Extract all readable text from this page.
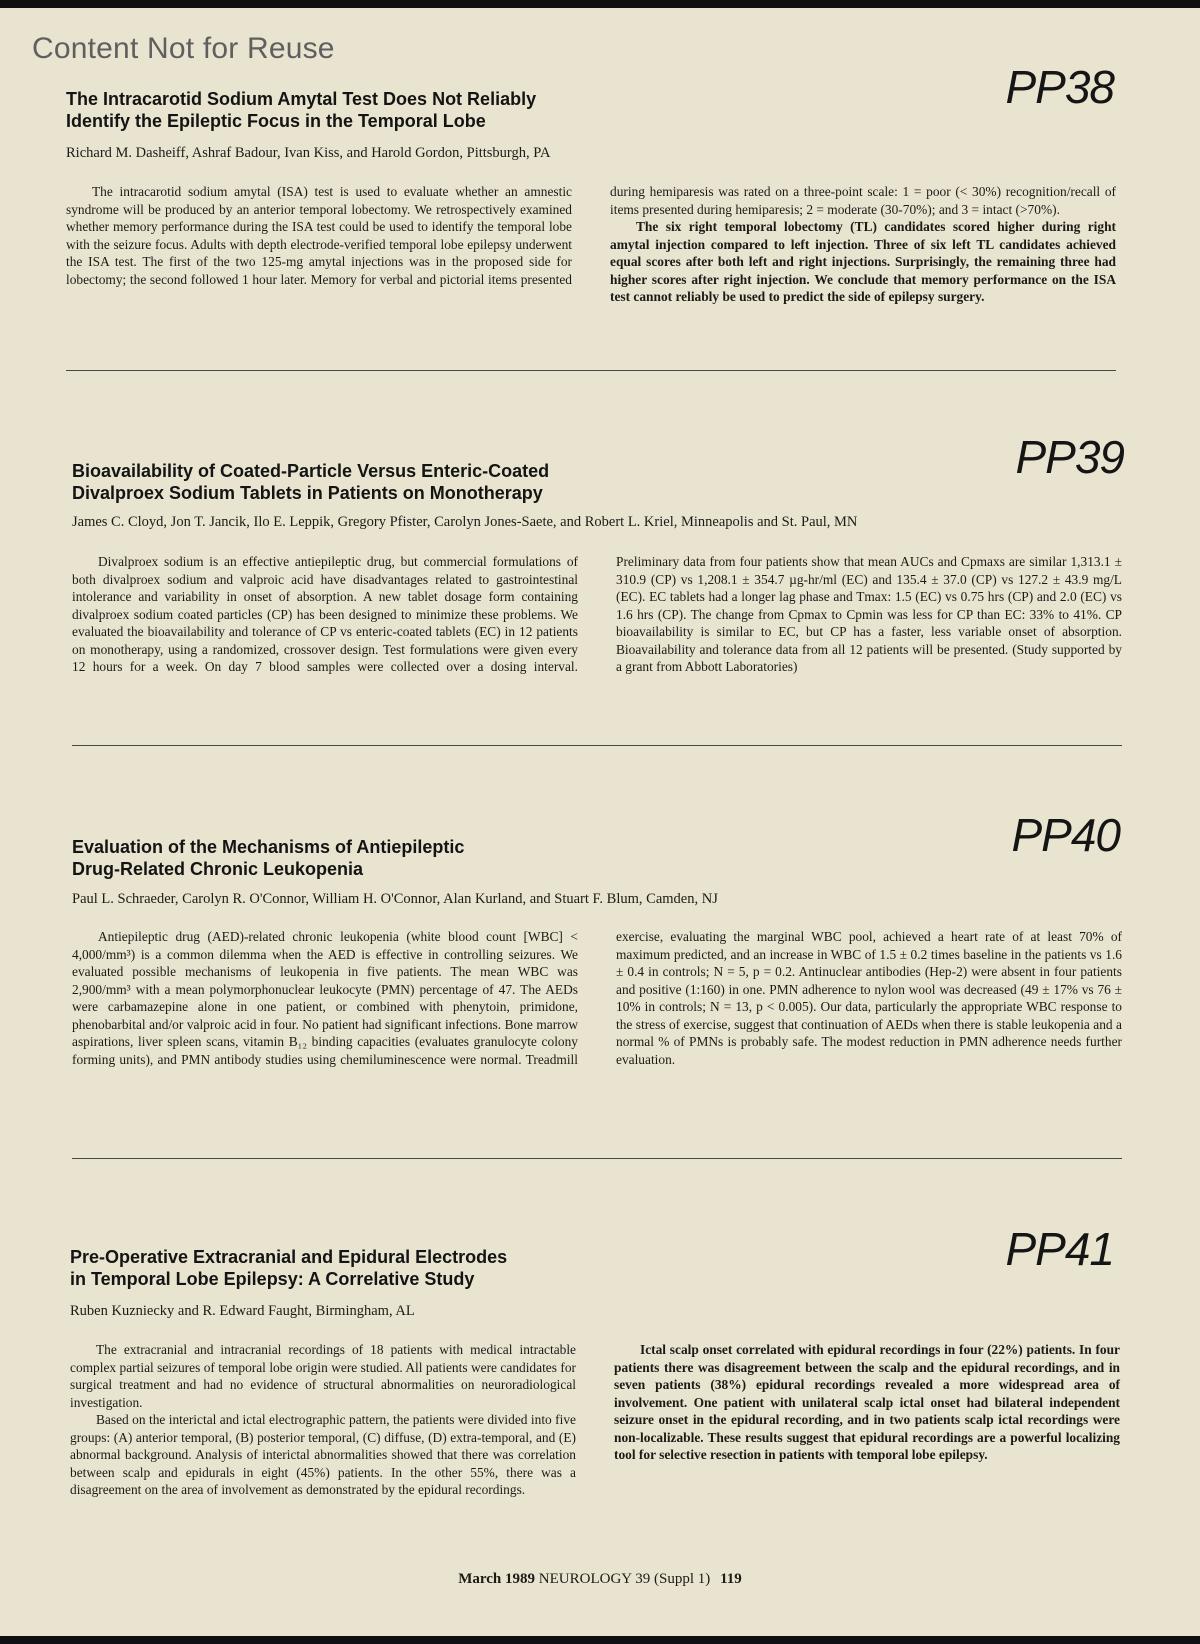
Content Not for Reuse
PP38
The Intracarotid Sodium Amytal Test Does Not Reliably
Identify the Epileptic Focus in the Temporal Lobe

Richard M. Dasheiff, Ashraf Badour, Ivan Kiss, and Harold Gordon, Pittsburgh, PA

The intracarotid sodium amytal (ISA) test is used to evaluate whether an amnestic syndrome will be produced by an anterior temporal lobectomy. We retrospectively examined whether memory performance during the ISA test could be used to identify the temporal lobe with the seizure focus. Adults with depth electrode-verified temporal lobe epilepsy underwent the ISA test. The first of the two 125-mg amytal injections was in the proposed side for lobectomy; the second followed 1 hour later. Memory for verbal and pictorial items presented during hemiparesis was rated on a three-point scale: 1 = poor (< 30%) recognition/recall of items presented during hemiparesis; 2 = moderate (30-70%); and 3 = intact (>70%).

The six right temporal lobectomy (TL) candidates scored higher during right amytal injection compared to left injection. Three of six left TL candidates achieved equal scores after both left and right injections. Surprisingly, the remaining three had higher scores after right injection. We conclude that memory performance on the ISA test cannot reliably be used to predict the side of epilepsy surgery.

PP39
Bioavailability of Coated-Particle Versus Enteric-Coated
Divalproex Sodium Tablets in Patients on Monotherapy

James C. Cloyd, Jon T. Jancik, Ilo E. Leppik, Gregory Pfister, Carolyn Jones-Saete, and Robert L. Kriel, Minneapolis and St. Paul, MN

Divalproex sodium is an effective antiepileptic drug, but commercial formulations of both divalproex sodium and valproic acid have disadvantages related to gastrointestinal intolerance and variability in onset of absorption. A new tablet dosage form containing divalproex sodium coated particles (CP) has been designed to minimize these problems. We evaluated the bioavailability and tolerance of CP vs enteric-coated tablets (EC) in 12 patients on monotherapy, using a randomized, crossover design. Test formulations were given every 12 hours for a week. On day 7 blood samples were collected over a dosing interval. Preliminary data from four patients show that mean AUCs and Cpmaxs are similar 1,313.1 ± 310.9 (CP) vs 1,208.1 ± 354.7 µg-hr/ml (EC) and 135.4 ± 37.0 (CP) vs 127.2 ± 43.9 mg/L (EC). EC tablets had a longer lag phase and Tmax: 1.5 (EC) vs 0.75 hrs (CP) and 2.0 (EC) vs 1.6 hrs (CP). The change from Cpmax to Cpmin was less for CP than EC: 33% to 41%. CP bioavailability is similar to EC, but CP has a faster, less variable onset of absorption. Bioavailability and tolerance data from all 12 patients will be presented. (Study supported by a grant from Abbott Laboratories)

PP40
Evaluation of the Mechanisms of Antiepileptic
Drug-Related Chronic Leukopenia

Paul L. Schraeder, Carolyn R. O'Connor, William H. O'Connor, Alan Kurland, and Stuart F. Blum, Camden, NJ

Antiepileptic drug (AED)-related chronic leukopenia (white blood count [WBC] < 4,000/mm³) is a common dilemma when the AED is effective in controlling seizures. We evaluated possible mechanisms of leukopenia in five patients. The mean WBC was 2,900/mm³ with a mean polymorphonuclear leukocyte (PMN) percentage of 47. The AEDs were carbamazepine alone in one patient, or combined with phenytoin, primidone, phenobarbital and/or valproic acid in four. No patient had significant infections. Bone marrow aspirations, liver spleen scans, vitamin B₁₂ binding capacities (evaluates granulocyte colony forming units), and PMN antibody studies using chemiluminescence were normal. Treadmill exercise, evaluating the marginal WBC pool, achieved a heart rate of at least 70% of maximum predicted, and an increase in WBC of 1.5 ± 0.2 times baseline in the patients vs 1.6 ± 0.4 in controls; N = 5, p = 0.2. Antinuclear antibodies (Hep-2) were absent in four patients and positive (1:160) in one. PMN adherence to nylon wool was decreased (49 ± 17% vs 76 ± 10% in controls; N = 13, p < 0.005). Our data, particularly the appropriate WBC response to the stress of exercise, suggest that continuation of AEDs when there is stable leukopenia and a normal % of PMNs is probably safe. The modest reduction in PMN adherence needs further evaluation.

PP41
Pre-Operative Extracranial and Epidural Electrodes
in Temporal Lobe Epilepsy: A Correlative Study

Ruben Kuzniecky and R. Edward Faught, Birmingham, AL

The extracranial and intracranial recordings of 18 patients with medical intractable complex partial seizures of temporal lobe origin were studied. All patients were candidates for surgical treatment and had no evidence of structural abnormalities on neuroradiological investigation.

Based on the interictal and ictal electrographic pattern, the patients were divided into five groups: (A) anterior temporal, (B) posterior temporal, (C) diffuse, (D) extra-temporal, and (E) abnormal background. Analysis of interictal abnormalities showed that there was correlation between scalp and epidurals in eight (45%) patients. In the other 55%, there was a disagreement on the area of involvement as demonstrated by the epidural recordings.

Ictal scalp onset correlated with epidural recordings in four (22%) patients. In four patients there was disagreement between the scalp and the epidural recordings, and in seven patients (38%) epidural recordings revealed a more widespread area of involvement. One patient with unilateral scalp ictal onset had bilateral independent seizure onset in the epidural recording, and in two patients scalp ictal recordings were non-localizable. These results suggest that epidural recordings are a powerful localizing tool for selective resection in patients with temporal lobe epilepsy.

March 1989 NEUROLOGY 39 (Suppl 1) 119
